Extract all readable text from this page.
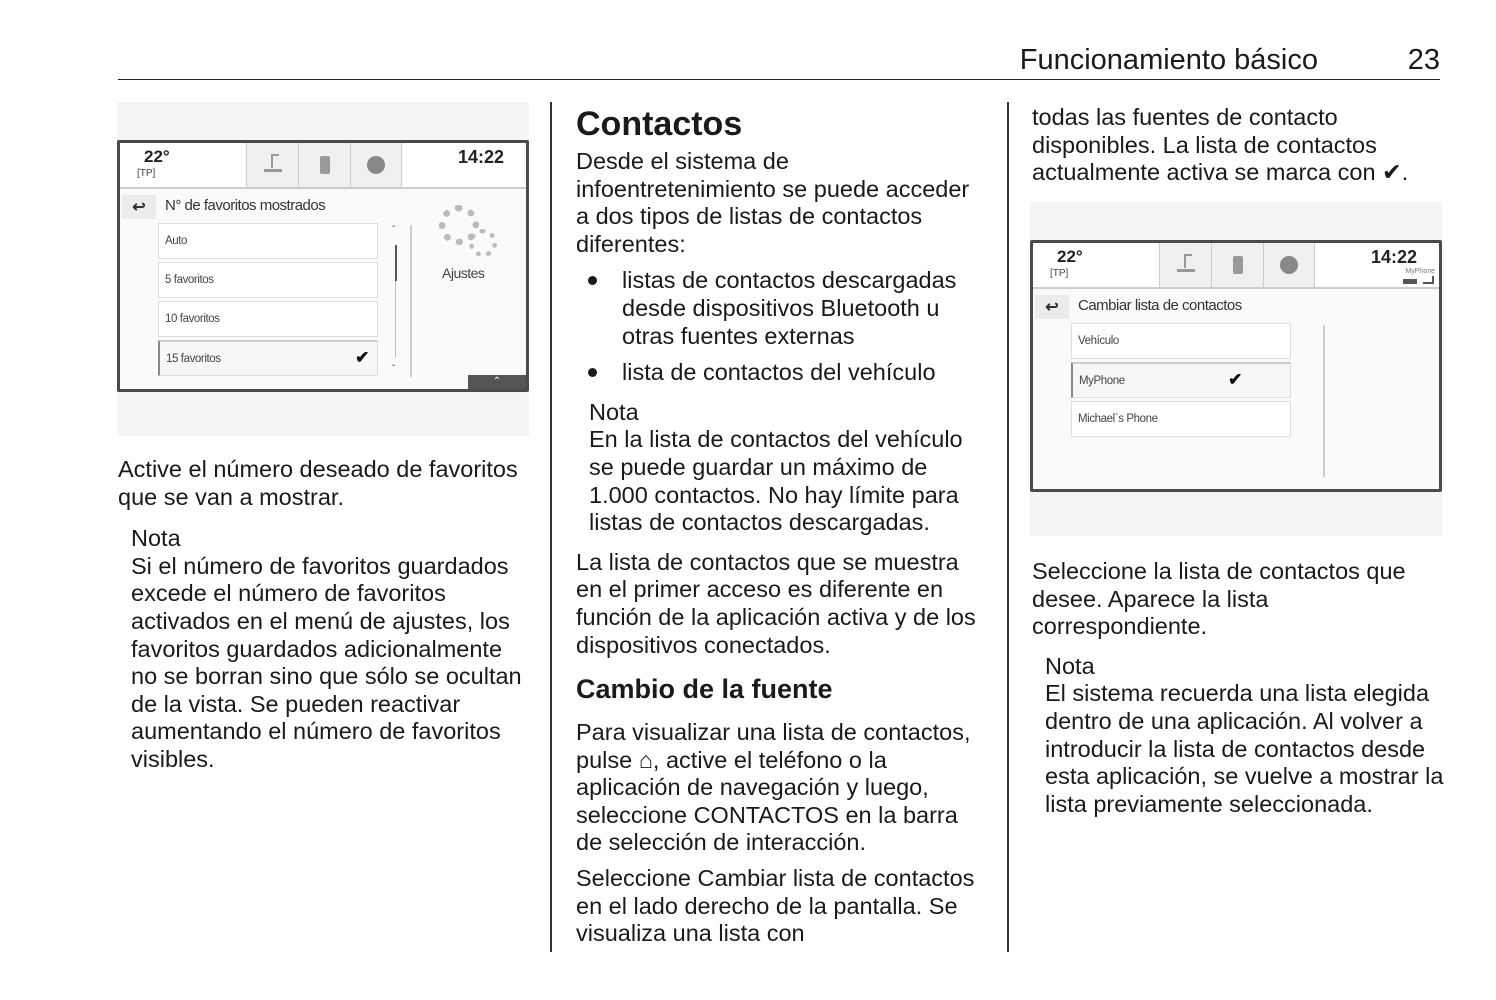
Funcionamiento básico	23
22°
[TP]
14:22
↩ N° de favoritos mostrados
Auto
5 favoritos
10 favoritos
15 favoritos	✔
ˆ
ˇ
Ajustes
⌃

Active el número deseado de favoritos que se van a mostrar.

Nota

Si el número de favoritos guardados excede el número de favoritos activados en el menú de ajustes, los favoritos guardados adicionalmente no se borran sino que sólo se ocultan de la vista. Se pueden reactivar aumentando el número de favoritos visibles.

Contactos

Desde el sistema de infoentretenimiento se puede acceder a dos tipos de listas de contactos diferentes:

listas de contactos descargadas desde dispositivos Bluetooth u otras fuentes externas
lista de contactos del vehículo

Nota

En la lista de contactos del vehículo se puede guardar un máximo de 1.000 contactos. No hay límite para listas de contactos descargadas.

La lista de contactos que se muestra en el primer acceso es diferente en función de la aplicación activa y de los dispositivos conectados.

Cambio de la fuente

Para visualizar una lista de contactos, pulse ⌂, active el teléfono o la aplicación de navegación y luego, seleccione CONTACTOS en la barra de selección de interacción.

Seleccione Cambiar lista de contactos en el lado derecho de la pantalla. Se visualiza una lista con

todas las fuentes de contacto disponibles. La lista de contactos actualmente activa se marca con ✔.

22°
[TP]
14:22
MyPhone
↩ Cambiar lista de contactos
Vehículo
MyPhone	✔
Michael`s Phone

Seleccione la lista de contactos que desee. Aparece la lista correspondiente.

Nota

El sistema recuerda una lista elegida dentro de una aplicación. Al volver a introducir la lista de contactos desde esta aplicación, se vuelve a mostrar la lista previamente seleccionada.
